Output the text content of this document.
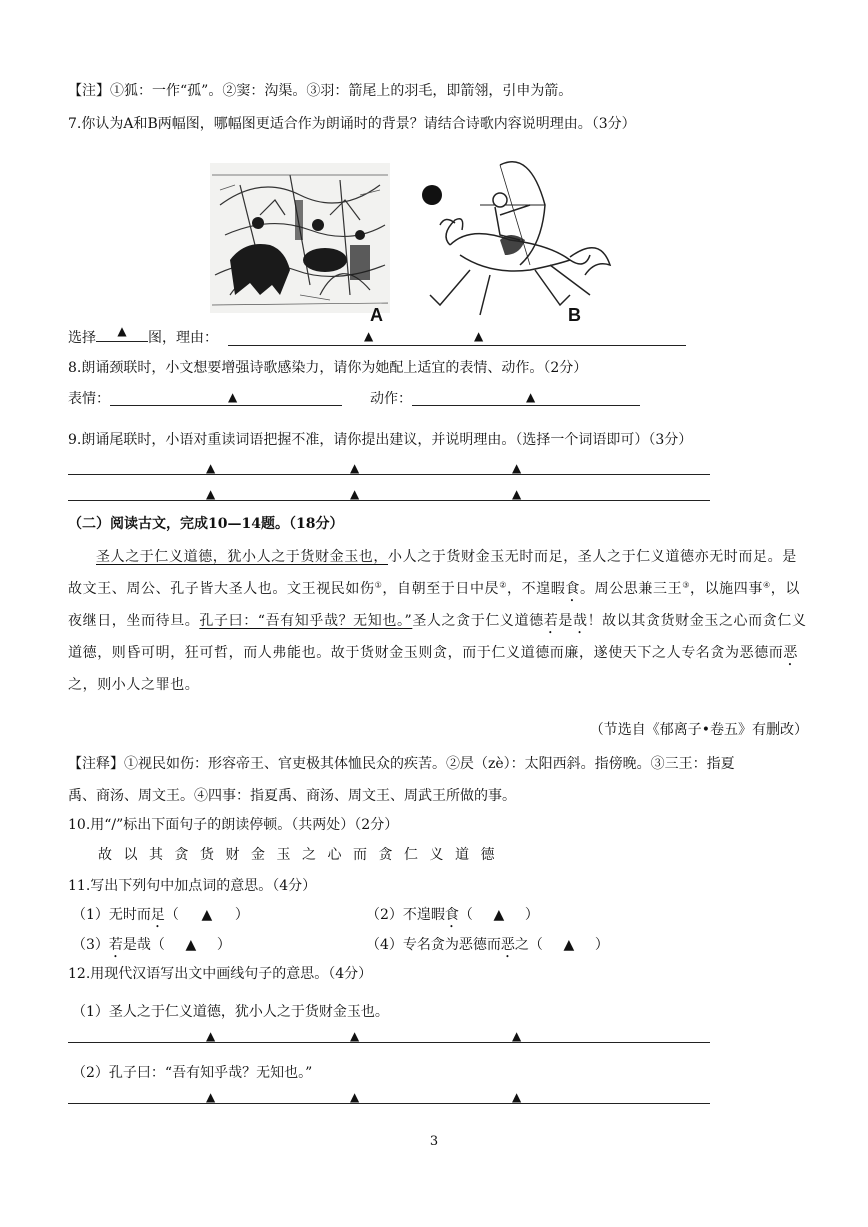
【注】①狐：一作“孤”。②窦：沟渠。③羽：箭尾上的羽毛，即箭翎，引申为箭。
7.你认为A和B两幅图，哪幅图更适合作为朗诵时的背景？请结合诗歌内容说明理由。（3分）
A	B
选择 ▲ 图，理由：	▲	▲
8.朗诵颈联时，小文想要增强诗歌感染力，请你为她配上适宜的表情、动作。（2分）
表情：	▲	动作：	▲
9.朗诵尾联时，小语对重读词语把握不准，请你提出建议，并说明理由。（选择一个词语即可）（3分）
▲	▲	▲
▲	▲	▲
（二）阅读古文，完成10—14题。（18分）
圣人之于仁义道德，犹小人之于货财金玉也，小人之于货财金玉无时而足，圣人之于仁义道德亦无时而足。是故文王、周公、孔子皆大圣人也。文王视民如伤①，自朝至于日中昃②，不遑暇食。周公思兼三王③，以施四事④，以夜继日，坐而待旦。孔子曰：“吾有知乎哉？无知也。”圣人之贪于仁义道德若是哉！故以其贪货财金玉之心而贪仁义道德，则昏可明，狂可哲，而人弗能也。故于货财金玉则贪，而于仁义道德而廉，遂使天下之人专名贪为恶德而恶之，则小人之罪也。
（节选自《郁离子•卷五》有删改）
【注释】①视民如伤：形容帝王、官吏极其体恤民众的疾苦。②昃（zè）：太阳西斜。指傍晚。③三王：指夏
禹、商汤、周文王。④四事：指夏禹、商汤、周文王、周武王所做的事。
10.用“/”标出下面句子的朗读停顿。（共两处）（2分）
故以其贪货财金玉之心而贪仁义道德
11.写出下列句中加点词的意思。（4分）
（1）无时而足（ ▲ ）	（2）不遑暇食（ ▲ ）
（3）若是哉（ ▲ ）	（4）专名贪为恶德而恶之（ ▲ ）
12.用现代汉语写出文中画线句子的意思。（4分）
（1）圣人之于仁义道德，犹小人之于货财金玉也。
▲	▲	▲
（2）孔子曰：“吾有知乎哉？无知也。”
▲	▲	▲
3
